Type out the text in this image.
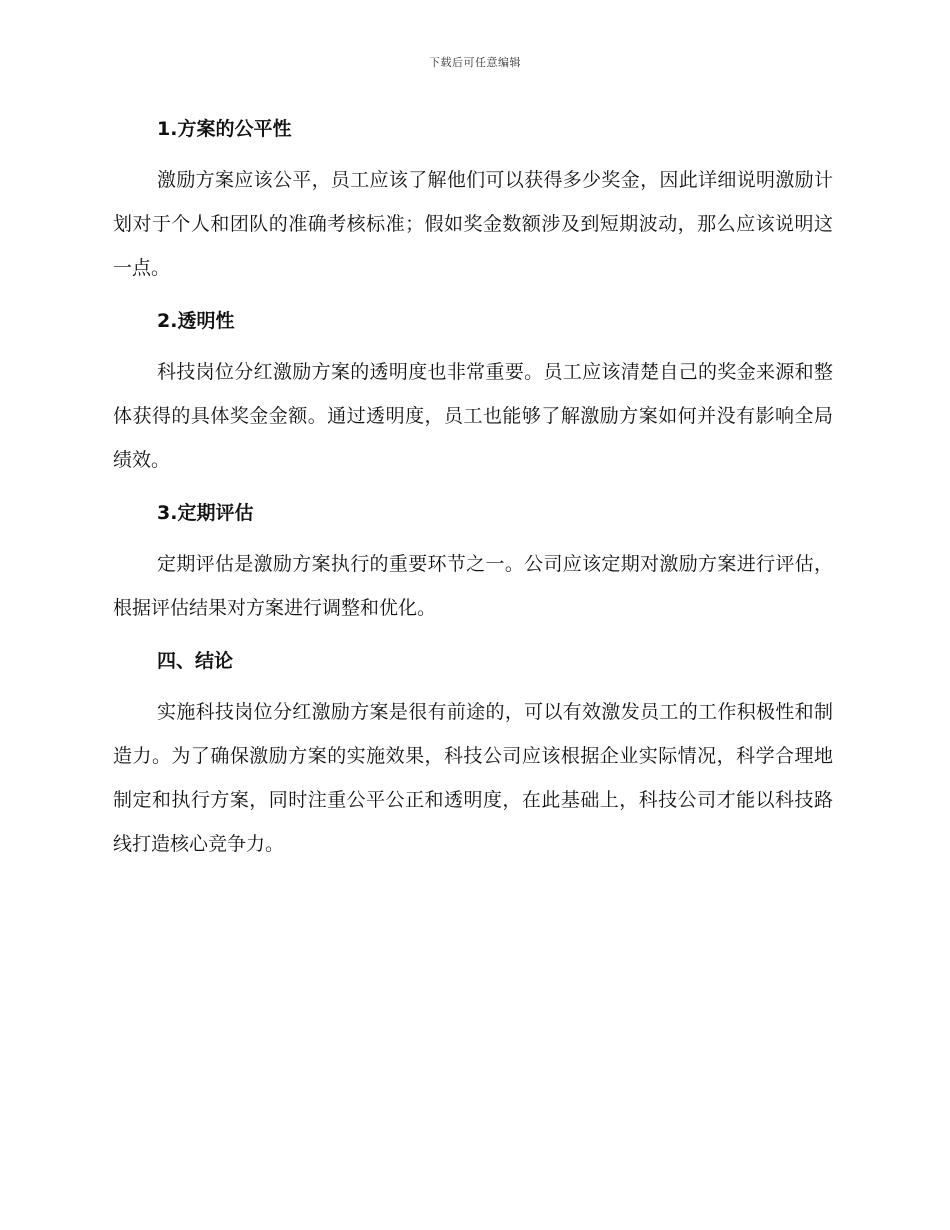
下载后可任意编辑
1.方案的公平性

激励方案应该公平，员工应该了解他们可以获得多少奖金，因此详细说明激励计划对于个人和团队的准确考核标准；假如奖金数额涉及到短期波动，那么应该说明这一点。

2.透明性

科技岗位分红激励方案的透明度也非常重要。员工应该清楚自己的奖金来源和整体获得的具体奖金金额。通过透明度，员工也能够了解激励方案如何并没有影响全局绩效。

3.定期评估

定期评估是激励方案执行的重要环节之一。公司应该定期对激励方案进行评估，根据评估结果对方案进行调整和优化。

四、结论

实施科技岗位分红激励方案是很有前途的，可以有效激发员工的工作积极性和制造力。为了确保激励方案的实施效果，科技公司应该根据企业实际情况，科学合理地制定和执行方案，同时注重公平公正和透明度，在此基础上，科技公司才能以科技路线打造核心竞争力。
